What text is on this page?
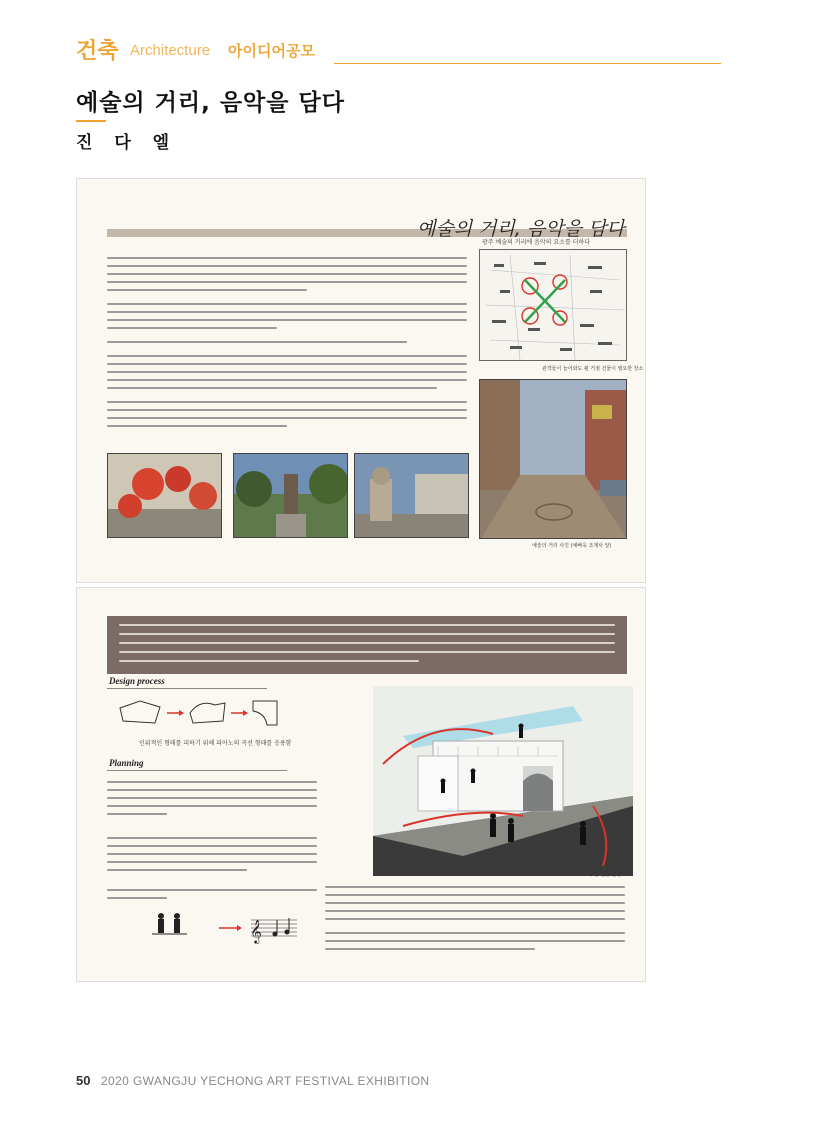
건축 Architecture 아이디어공모
예술의 거리, 음악을 담다
진 다 엘
예술의 거리, 음악을 담다
광주 예술의 거리에 음악의 요소를 더하다
관객들이 늘어와도 될 거점 건물이 필요한 장소
예술의 거리 사진 (예빠욱 조계사 앞)
Design process
인위적인 형태를 피하기 위해 피아노의 곡선 형태를 응용함
Planning
𝄞
구상 건물 완성도
50 2020 GWANGJU YECHONG ART FESTIVAL EXHIBITION
